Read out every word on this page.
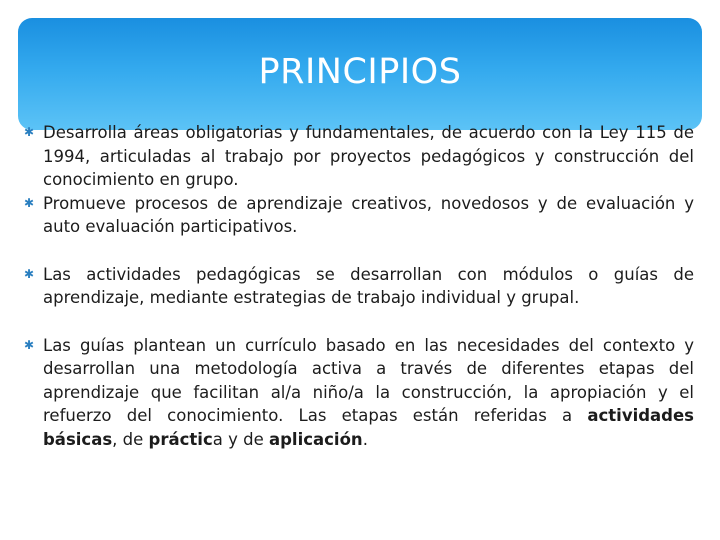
PRINCIPIOS
✱ Desarrolla áreas obligatorias y fundamentales, de acuerdo con la Ley 115 de 1994, articuladas al trabajo por proyectos pedagógicos y construcción del conocimiento en grupo.
✱ Promueve procesos de aprendizaje creativos, novedosos y de evaluación y auto evaluación participativos.
✱ Las actividades pedagógicas se desarrollan con módulos o guías de aprendizaje, mediante estrategias de trabajo individual y grupal.
✱ Las guías plantean un currículo basado en las necesidades del contexto y desarrollan una metodología activa a través de diferentes etapas del aprendizaje que facilitan al/a niño/a la construcción, la apropiación y el refuerzo del conocimiento. Las etapas están referidas a actividades básicas, de práctica y de aplicación.
